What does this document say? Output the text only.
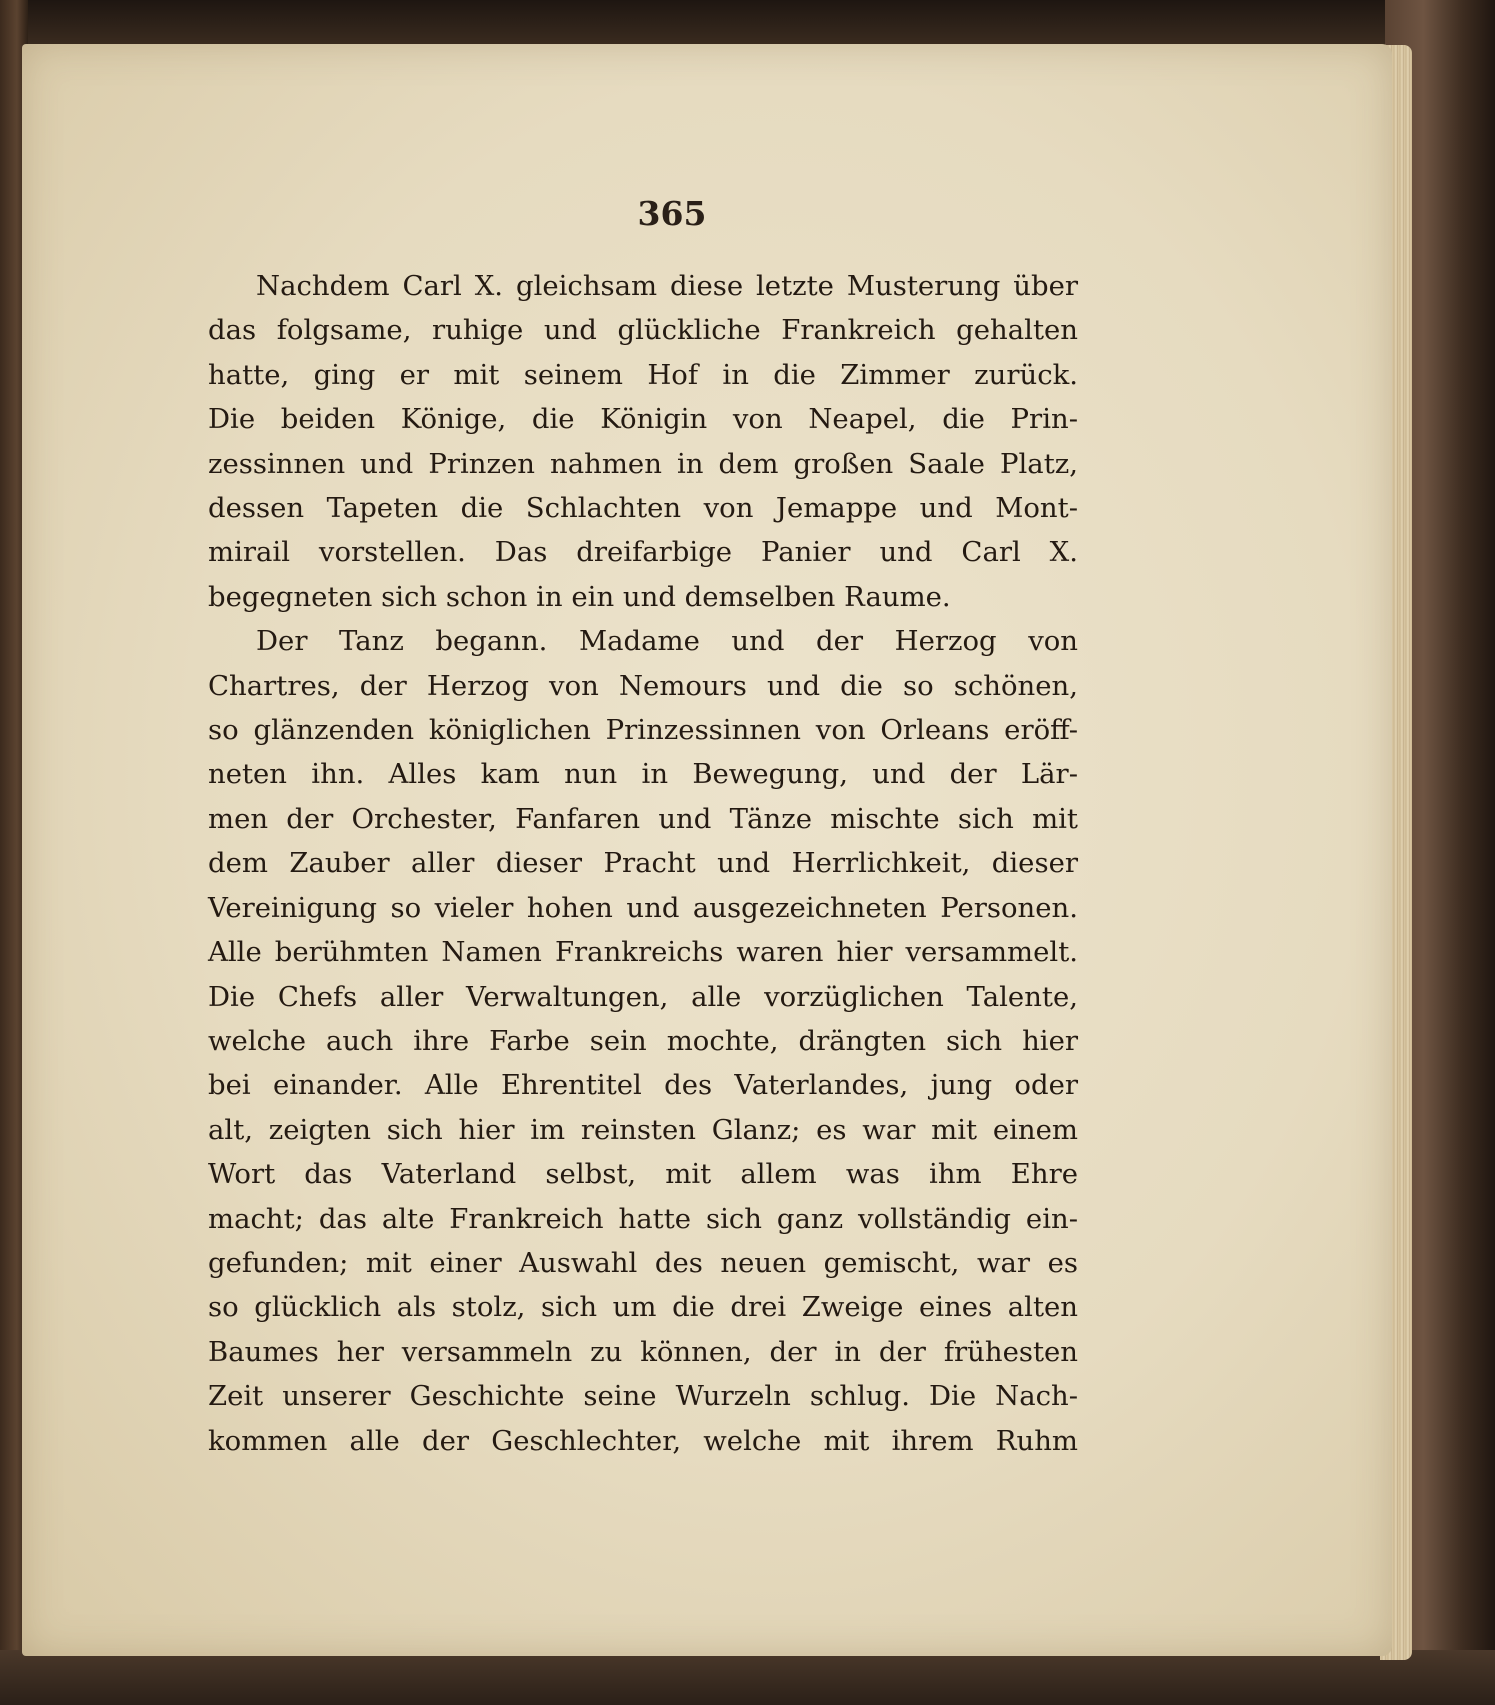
365
Nachdem Carl X. gleichsam diese letzte Musterung über
das folgsame, ruhige und glückliche Frankreich gehalten
hatte, ging er mit seinem Hof in die Zimmer zurück.
Die beiden Könige, die Königin von Neapel, die Prin-
zessinnen und Prinzen nahmen in dem großen Saale Platz,
dessen Tapeten die Schlachten von Jemappe und Mont-
mirail vorstellen. Das dreifarbige Panier und Carl X.
begegneten sich schon in ein und demselben Raume.
Der Tanz begann. Madame und der Herzog von
Chartres, der Herzog von Nemours und die so schönen,
so glänzenden königlichen Prinzessinnen von Orleans eröff-
neten ihn. Alles kam nun in Bewegung, und der Lär-
men der Orchester, Fanfaren und Tänze mischte sich mit
dem Zauber aller dieser Pracht und Herrlichkeit, dieser
Vereinigung so vieler hohen und ausgezeichneten Personen.
Alle berühmten Namen Frankreichs waren hier versammelt.
Die Chefs aller Verwaltungen, alle vorzüglichen Talente,
welche auch ihre Farbe sein mochte, drängten sich hier
bei einander. Alle Ehrentitel des Vaterlandes, jung oder
alt, zeigten sich hier im reinsten Glanz; es war mit einem
Wort das Vaterland selbst, mit allem was ihm Ehre
macht; das alte Frankreich hatte sich ganz vollständig ein-
gefunden; mit einer Auswahl des neuen gemischt, war es
so glücklich als stolz, sich um die drei Zweige eines alten
Baumes her versammeln zu können, der in der frühesten
Zeit unserer Geschichte seine Wurzeln schlug. Die Nach-
kommen alle der Geschlechter, welche mit ihrem Ruhm
